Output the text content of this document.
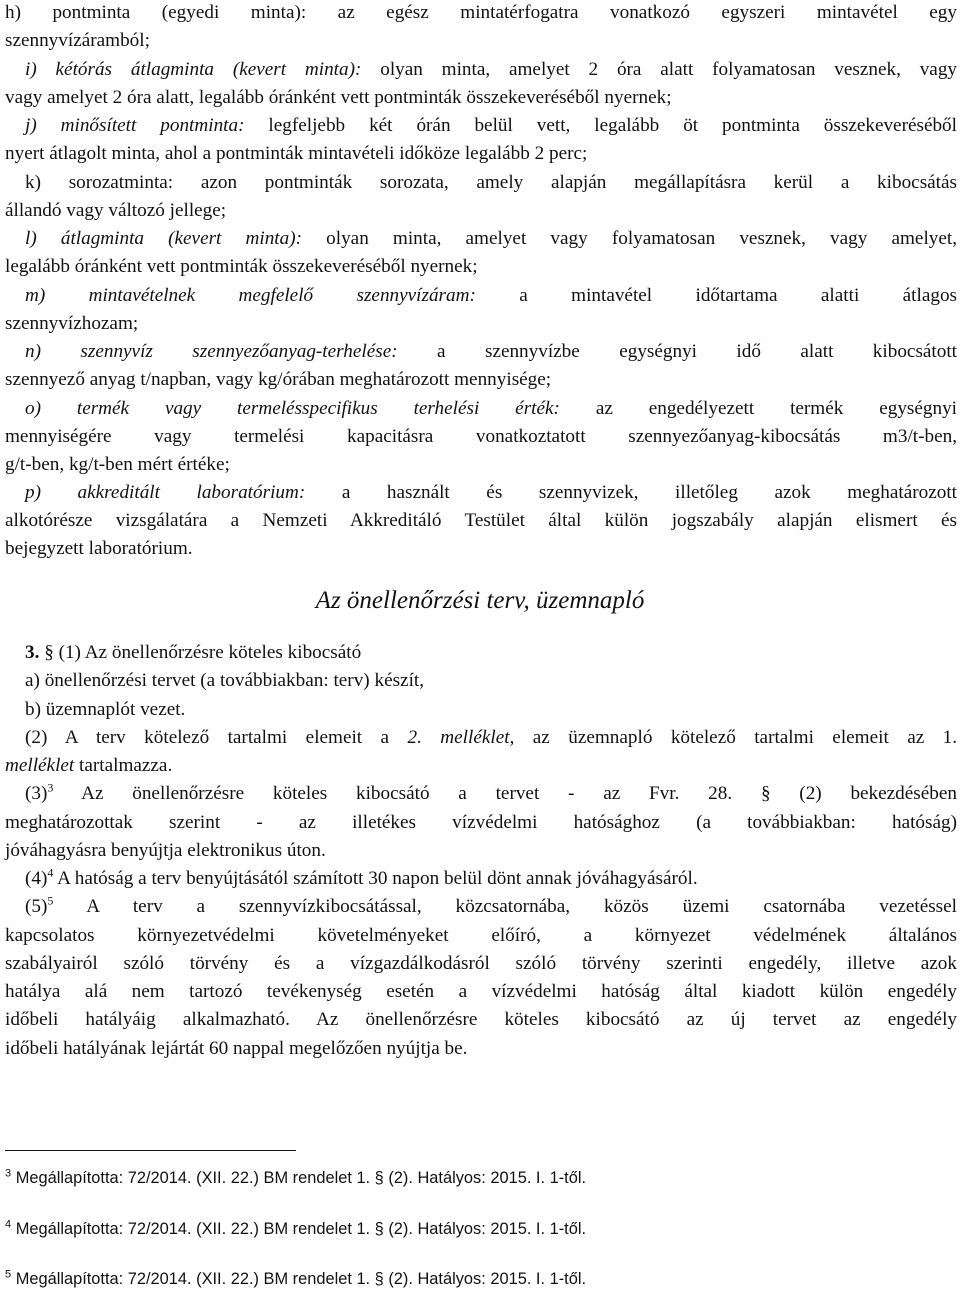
h) pontminta (egyedi minta): az egész mintatérfogatra vonatkozó egyszeri mintavétel egy
szennyvízáramból;
i) kétórás átlagminta (kevert minta): olyan minta, amelyet 2 óra alatt folyamatosan vesznek, vagy
vagy amelyet 2 óra alatt, legalább óránként vett pontminták összekeveréséből nyernek;
j) minősített pontminta: legfeljebb két órán belül vett, legalább öt pontminta összekeveréséből
nyert átlagolt minta, ahol a pontminták mintavételi időköze legalább 2 perc;
k) sorozatminta: azon pontminták sorozata, amely alapján megállapításra kerül a kibocsátás
állandó vagy változó jellege;
l) átlagminta (kevert minta): olyan minta, amelyet vagy folyamatosan vesznek, vagy amelyet,
legalább óránként vett pontminták összekeveréséből nyernek;
m) mintavételnek megfelelő szennyvízáram: a mintavétel időtartama alatti átlagos
szennyvízhozam;
n) szennyvíz szennyezőanyag-terhelése: a szennyvízbe egységnyi idő alatt kibocsátott
szennyező anyag t/napban, vagy kg/órában meghatározott mennyisége;
o) termék vagy termelésspecifikus terhelési érték: az engedélyezett termék egységnyi
mennyiségére vagy termelési kapacitásra vonatkoztatott szennyezőanyag-kibocsátás m3/t-ben,
g/t-ben, kg/t-ben mért értéke;
p) akkreditált laboratórium: a használt és szennyvizek, illetőleg azok meghatározott
alkotórésze vizsgálatára a Nemzeti Akkreditáló Testület által külön jogszabály alapján elismert és
bejegyzett laboratórium.
Az önellenőrzési terv, üzemnapló
3. § (1) Az önellenőrzésre köteles kibocsátó
a) önellenőrzési tervet (a továbbiakban: terv) készít,
b) üzemnaplót vezet.
(2) A terv kötelező tartalmi elemeit a 2. melléklet, az üzemnapló kötelező tartalmi elemeit az 1.
melléklet tartalmazza.
(3)$^3$ Az önellenőrzésre köteles kibocsátó a tervet - az Fvr. 28. § (2) bekezdésében
meghatározottak szerint - az illetékes vízvédelmi hatósághoz (a továbbiakban: hatóság)
jóváhagyásra benyújtja elektronikus úton.
(4)$^4$ A hatóság a terv benyújtásától számított 30 napon belül dönt annak jóváhagyásáról.
(5)$^5$ A terv a szennyvízkibocsátással, közcsatornába, közös üzemi csatornába vezetéssel
kapcsolatos környezetvédelmi követelményeket előíró, a környezet védelmének általános
szabályairól szóló törvény és a vízgazdálkodásról szóló törvény szerinti engedély, illetve azok
hatálya alá nem tartozó tevékenység esetén a vízvédelmi hatóság által kiadott külön engedély
időbeli hatályáig alkalmazható. Az önellenőrzésre köteles kibocsátó az új tervet az engedély
időbeli hatályának lejártát 60 nappal megelőzően nyújtja be.
$^3$ Megállapította: 72/2014. (XII. 22.) BM rendelet 1. § (2). Hatályos: 2015. I. 1-től.
$^4$ Megállapította: 72/2014. (XII. 22.) BM rendelet 1. § (2). Hatályos: 2015. I. 1-től.
$^5$ Megállapította: 72/2014. (XII. 22.) BM rendelet 1. § (2). Hatályos: 2015. I. 1-től.
